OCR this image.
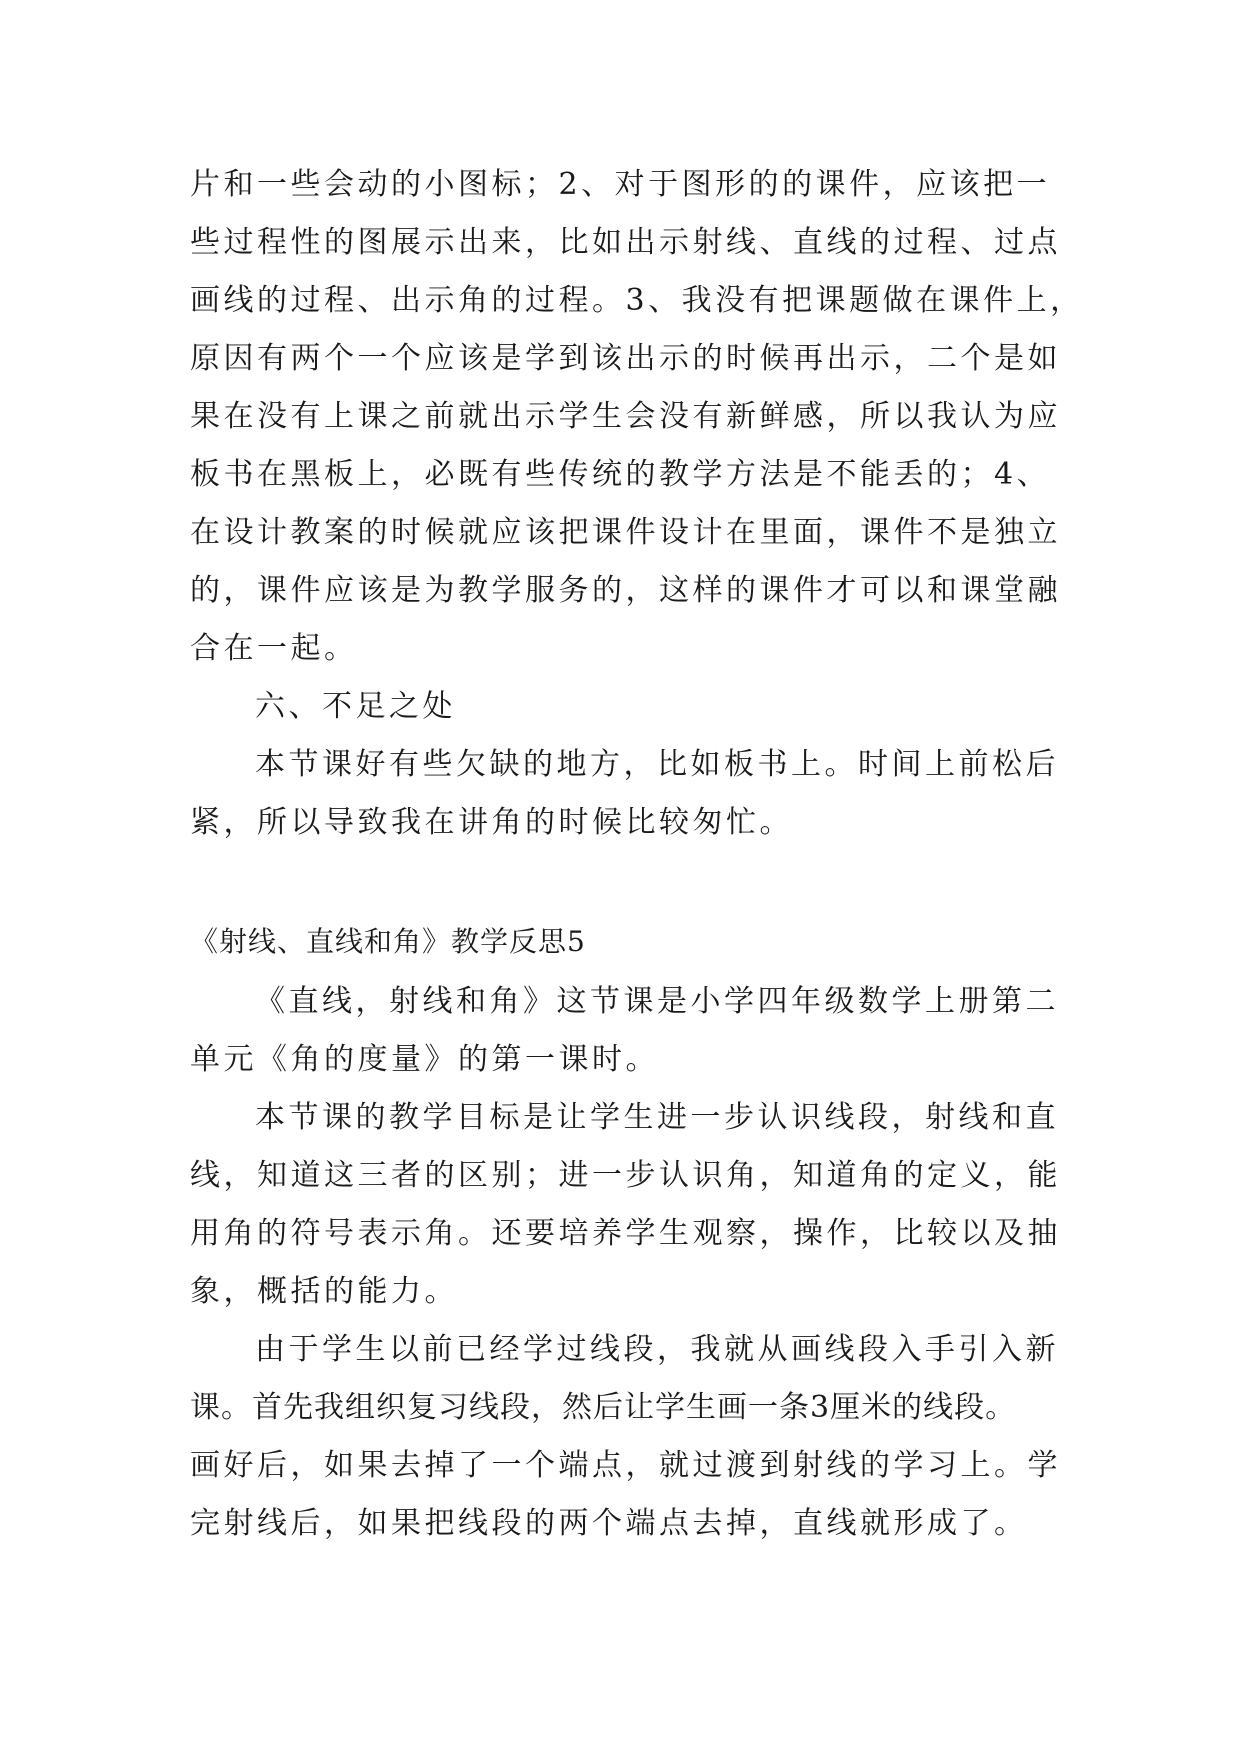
片和一些会动的小图标；2、对于图形的的课件，应该把一
些过程性的图展示出来，比如出示射线、直线的过程、过点
画线的过程、出示角的过程。3、我没有把课题做在课件上，
原因有两个一个应该是学到该出示的时候再出示，二个是如
果在没有上课之前就出示学生会没有新鲜感，所以我认为应
板书在黑板上，必既有些传统的教学方法是不能丢的；4、
在设计教案的时候就应该把课件设计在里面，课件不是独立
的，课件应该是为教学服务的，这样的课件才可以和课堂融
合在一起。
六、不足之处
本节课好有些欠缺的地方，比如板书上。时间上前松后
紧，所以导致我在讲角的时候比较匆忙。
《射线、直线和角》教学反思5
《直线，射线和角》这节课是小学四年级数学上册第二
单元《角的度量》的第一课时。
本节课的教学目标是让学生进一步认识线段，射线和直
线，知道这三者的区别；进一步认识角，知道角的定义，能
用角的符号表示角。还要培养学生观察，操作，比较以及抽
象，概括的能力。
由于学生以前已经学过线段，我就从画线段入手引入新
课。首先我组织复习线段，然后让学生画一条3厘米的线段。
画好后，如果去掉了一个端点，就过渡到射线的学习上。学
完射线后，如果把线段的两个端点去掉，直线就形成了。
